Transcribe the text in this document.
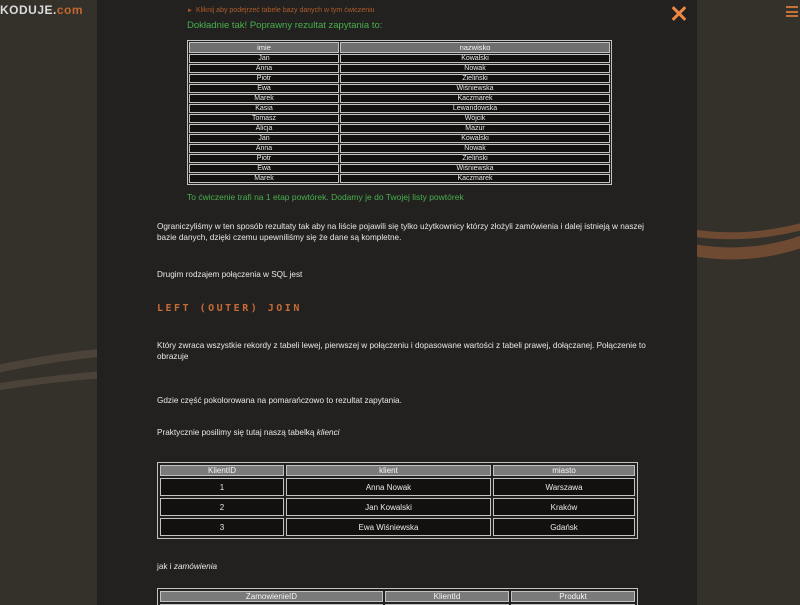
KODUJE.com	► Kliknij aby podejrzeć tabele bazy danych w tym ćwiczeniu
Dokładnie tak! Poprawny rezultat zapytania to:
imie	nazwisko
Jan	Kowalski
Anna	Nowak
Piotr	Zieliński
Ewa	Wiśniewska
Marek	Kaczmarek
Kasia	Lewandowska
Tomasz	Wójcik
Alicja	Mazur
Jan	Kowalski
Anna	Nowak
Piotr	Zieliński
Ewa	Wiśniewska
Marek	Kaczmarek
To ćwiczenie trafi na 1 etap powtórek. Dodamy je do Twojej listy powtórek
Ograniczyliśmy w ten sposób rezultaty tak aby na liście pojawili się tylko użytkownicy którzy złożyli zamówienia i dalej istnieją w naszej bazie danych, dzięki czemu upewniliśmy się że dane są kompletne.
Drugim rodzajem połączenia w SQL jest
LEFT (OUTER) JOIN
Który zwraca wszystkie rekordy z tabeli lewej, pierwszej w połączeniu i dopasowane wartości z tabeli prawej, dołączanej. Połączenie to obrazuje
Gdzie część pokolorowana na pomarańczowo to rezultat zapytania.
Praktycznie posilimy się tutaj naszą tabelką klienci
KlientID	klient	miasto
1	Anna Nowak	Warszawa
2	Jan Kowalski	Kraków
3	Ewa Wiśniewska	Gdańsk
jak i zamówienia
ZamowienieID	KlientId	Produkt
